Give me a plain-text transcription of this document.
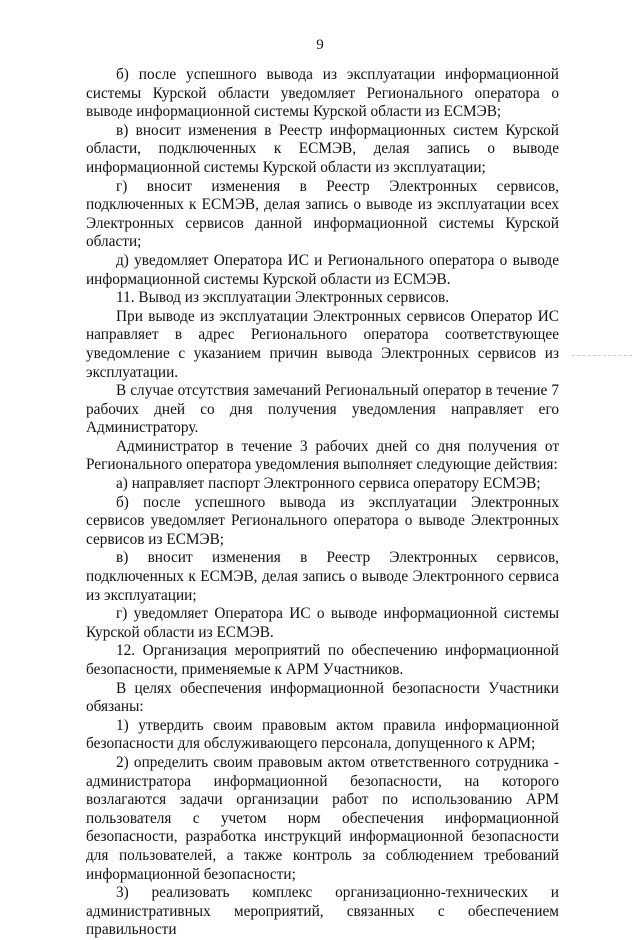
9

б) после успешного вывода из эксплуатации информационной системы Курской области уведомляет Регионального оператора о выводе информационной системы Курской области из ЕСМЭВ;

в) вносит изменения в Реестр информационных систем Курской области, подключенных к ЕСМЭВ, делая запись о выводе информационной системы Курской области из эксплуатации;

г) вносит изменения в Реестр Электронных сервисов, подключенных к ЕСМЭВ, делая запись о выводе из эксплуатации всех Электронных сервисов данной информационной системы Курской области;

д) уведомляет Оператора ИС и Регионального оператора о выводе информационной системы Курской области из ЕСМЭВ.

11. Вывод из эксплуатации Электронных сервисов.

При выводе из эксплуатации Электронных сервисов Оператор ИС направляет в адрес Регионального оператора соответствующее уведомление с указанием причин вывода Электронных сервисов из эксплуатации.

В случае отсутствия замечаний Региональный оператор в течение 7 рабочих дней со дня получения уведомления направляет его Администратору.

Администратор в течение 3 рабочих дней со дня получения от Регионального оператора уведомления выполняет следующие действия:

а) направляет паспорт Электронного сервиса оператору ЕСМЭВ;

б) после успешного вывода из эксплуатации Электронных сервисов уведомляет Регионального оператора о выводе Электронных сервисов из ЕСМЭВ;

в) вносит изменения в Реестр Электронных сервисов, подключенных к ЕСМЭВ, делая запись о выводе Электронного сервиса из эксплуатации;

г) уведомляет Оператора ИС о выводе информационной системы Курской области из ЕСМЭВ.

12. Организация мероприятий по обеспечению информационной безопасности, применяемые к АРМ Участников.

В целях обеспечения информационной безопасности Участники обязаны:

1) утвердить своим правовым актом правила информационной безопасности для обслуживающего персонала, допущенного к АРМ;

2) определить своим правовым актом ответственного сотрудника - администратора информационной безопасности, на которого возлагаются задачи организации работ по использованию АРМ пользователя с учетом норм обеспечения информационной безопасности, разработка инструкций информационной безопасности для пользователей, а также контроль за соблюдением требований информационной безопасности;

3) реализовать комплекс организационно-технических и административных мероприятий, связанных с обеспечением правильности
